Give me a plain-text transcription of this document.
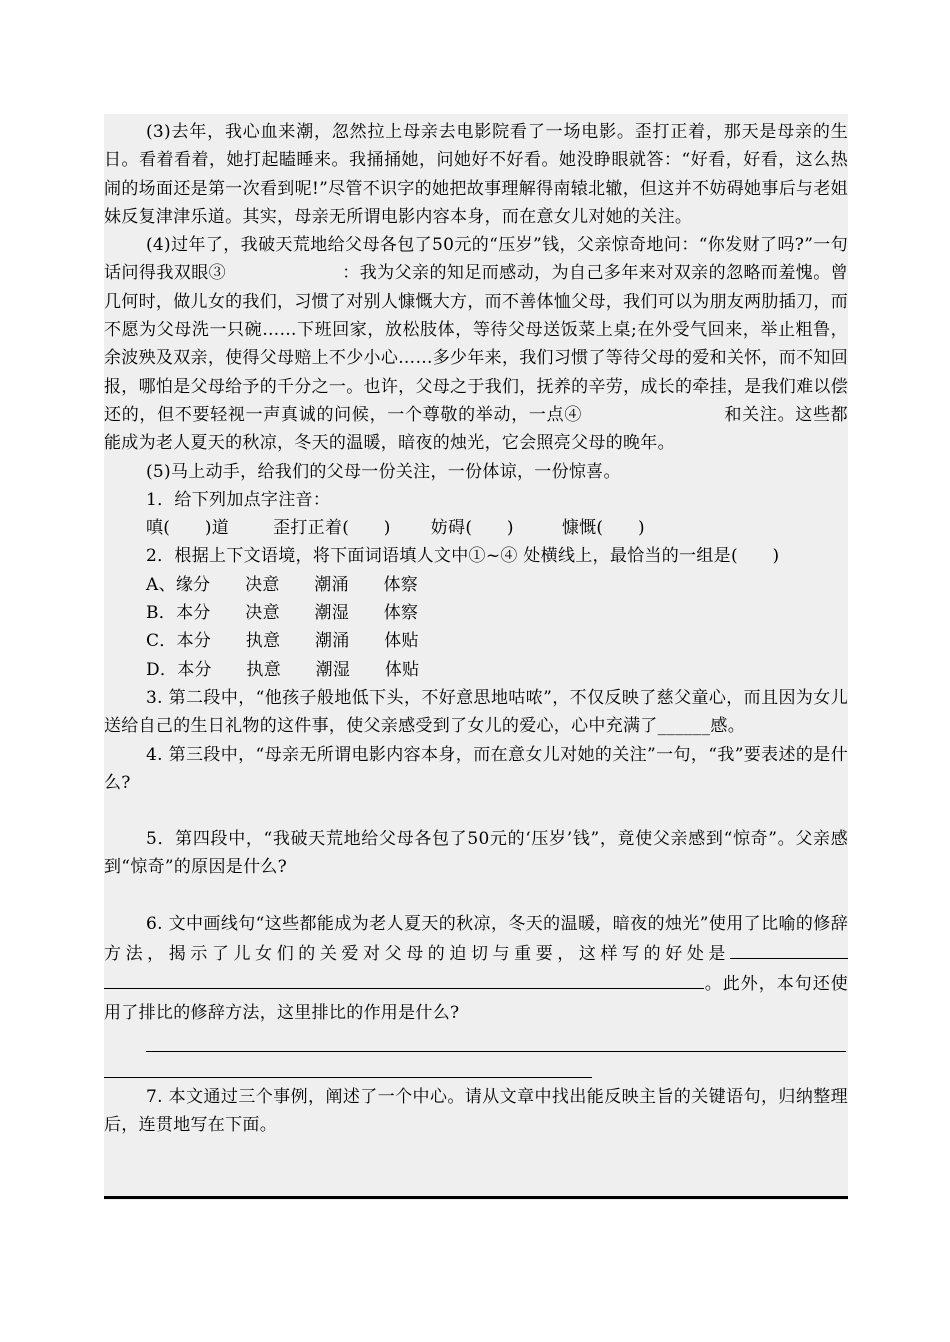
(3)去年，我心血来潮，忽然拉上母亲去电影院看了一场电影。歪打正着，那天是母亲的生日。看着看着，她打起瞌睡来。我捅捅她，问她好不好看。她没睁眼就答：“好看，好看，这么热闹的场面还是第一次看到呢!”尽管不识字的她把故事理解得南辕北辙，但这并不妨碍她事后与老姐妹反复津津乐道。其实，母亲无所谓电影内容本身，而在意女儿对她的关注。

(4)过年了，我破天荒地给父母各包了50元的“压岁”钱，父亲惊奇地问：“你发财了吗?”一句话问得我双眼③	：我为父亲的知足而感动，为自己多年来对双亲的忽略而羞愧。曾几何时，做儿女的我们，习惯了对别人慷慨大方，而不善体恤父母，我们可以为朋友两肋插刀，而不愿为父母洗一只碗……下班回家，放松肢体，等待父母送饭菜上桌;在外受气回来，举止粗鲁，余波殃及双亲，使得父母赔上不少小心……多少年来，我们习惯了等待父母的爱和关怀，而不知回报，哪怕是父母给予的千分之一。也许，父母之于我们，抚养的辛劳，成长的牵挂，是我们难以偿还的，但不要轻视一声真诚的问候，一个尊敬的举动，一点④	和关注。这些都能成为老人夏天的秋凉，冬天的温暖，暗夜的烛光，它会照亮父母的晚年。

(5)马上动手，给我们的父母一份关注，一份体谅，一份惊喜。

1．给下列加点字注音：

嗔(　　)道	歪打正着(　　) 妨碍(　　)	慷慨(　　)

2．根据上下文语境，将下面词语填人文中①~④ 处横线上，最恰当的一组是(　　)

A、缘分　　决意　　潮涌　　体察

B．本分　　决意　　潮湿　　体察

C．本分　　执意　　潮涌　　体贴

D．本分　　执意　　潮湿　　体贴

3. 第二段中，“他孩子般地低下头，不好意思地咕哝”，不仅反映了慈父童心，而且因为女儿送给自己的生日礼物的这件事，使父亲感受到了女儿的爱心，心中充满了______感。

4. 第三段中，“母亲无所谓电影内容本身，而在意女儿对她的关注”一句，“我”要表述的是什么?

5．第四段中，“我破天荒地给父母各包了50元的‘压岁’钱”，竟使父亲感到“惊奇”。父亲感到“惊奇”的原因是什么?

6. 文中画线句“这些都能成为老人夏天的秋凉，冬天的温暖，暗夜的烛光”使用了比喻的修辞方法，揭示了儿女们的关爱对父母的迫切与重要，这样写的好处是。此外，本句还使用了排比的修辞方法，这里排比的作用是什么?

7. 本文通过三个事例，阐述了一个中心。请从文章中找出能反映主旨的关键语句，归纳整理后，连贯地写在下面。
